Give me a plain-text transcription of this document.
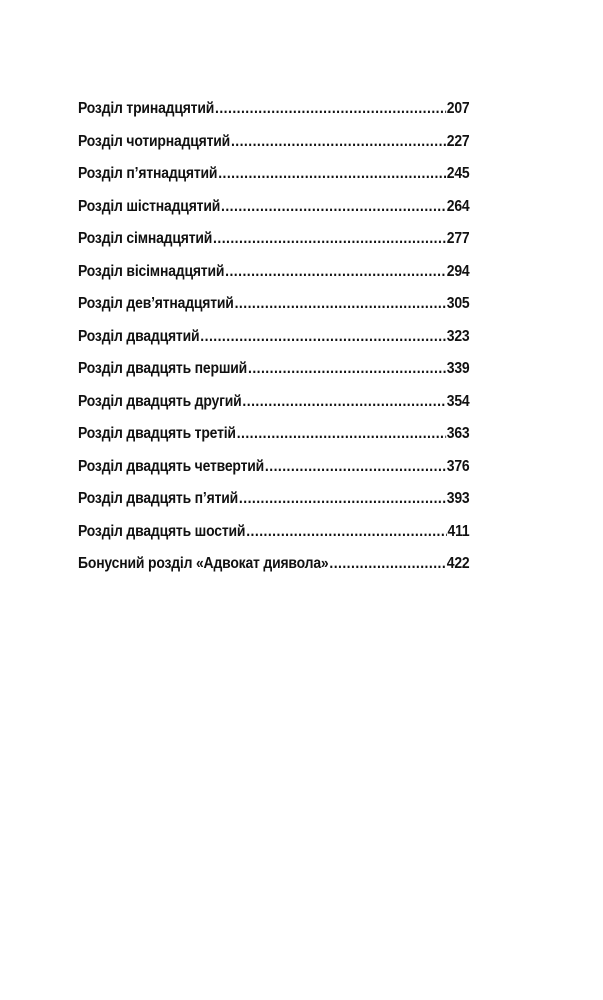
Розділ тринадцятий .....	207
Розділ чотирнадцятий .....	227
Розділ п’ятнадцятий .....	245
Розділ шістнадцятий .....	264
Розділ сімнадцятий .....	277
Розділ вісімнадцятий .....	294
Розділ дев’ятнадцятий .....	305
Розділ двадцятий .....	323
Розділ двадцять перший .....	339
Розділ двадцять другий .....	354
Розділ двадцять третій .....	363
Розділ двадцять четвертий .....	376
Розділ двадцять п’ятий .....	393
Розділ двадцять шостий .....	411
Бонусний розділ «Адвокат диявола» .....	422
